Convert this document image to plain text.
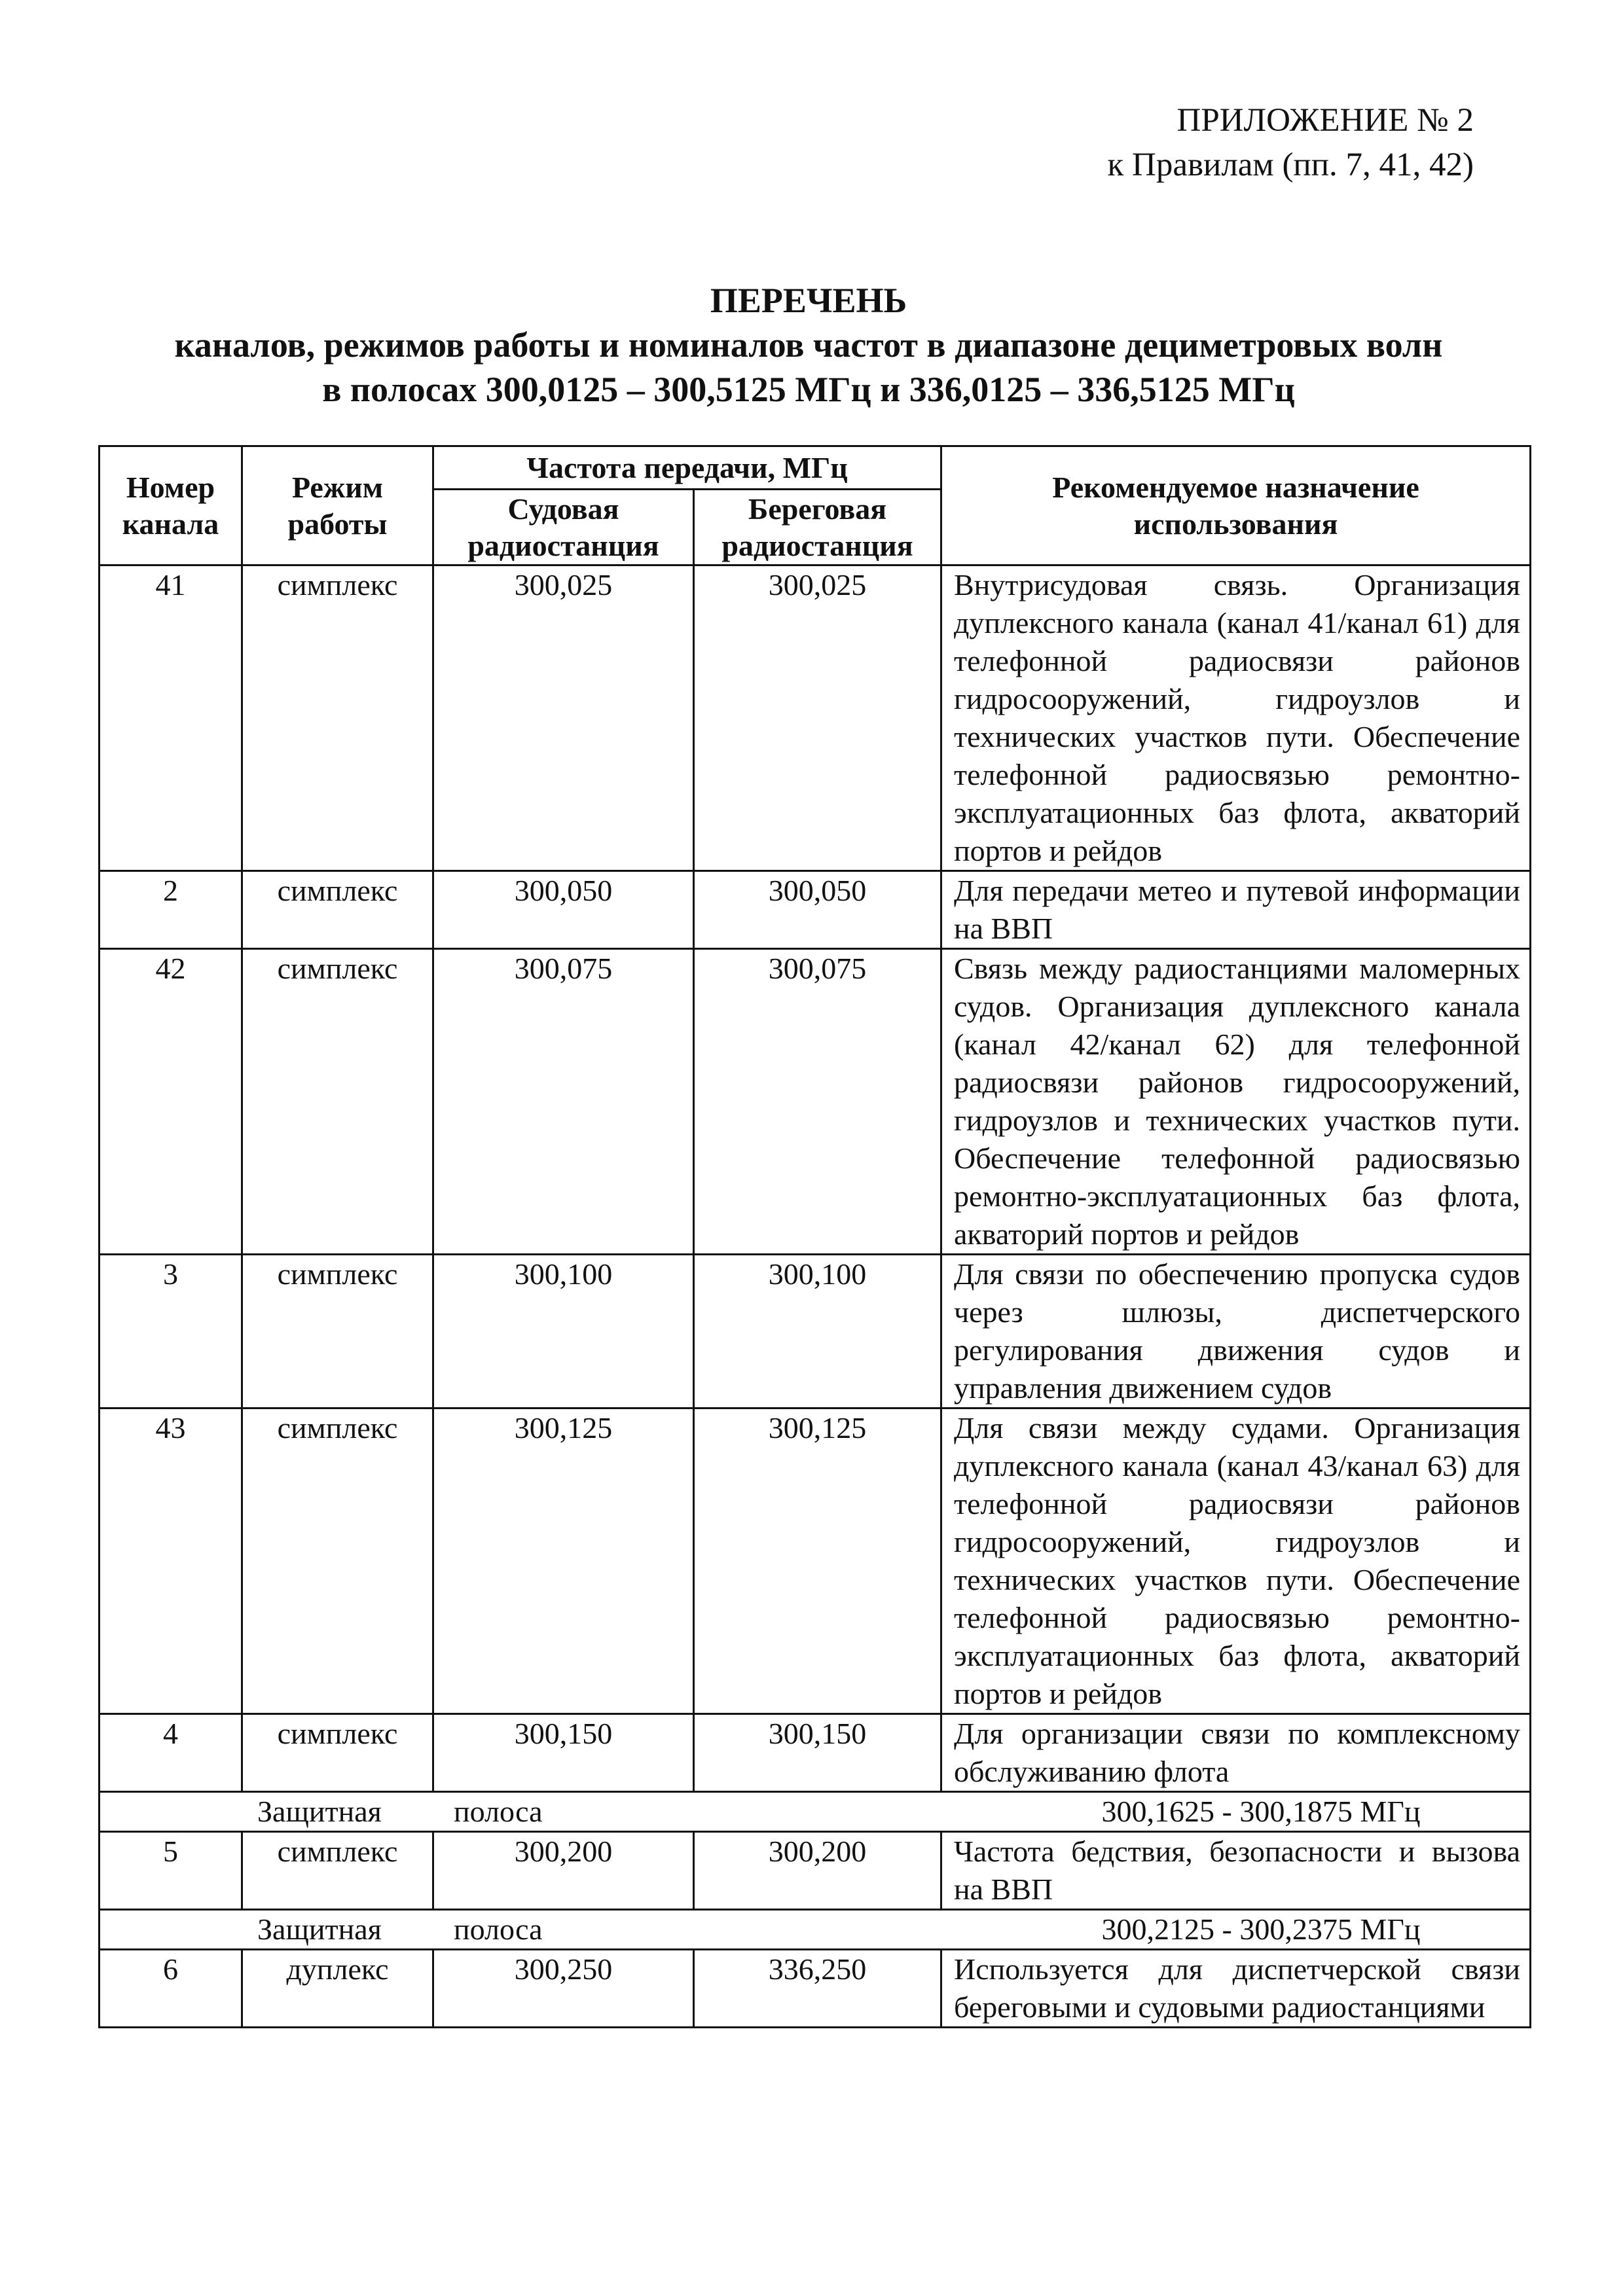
ПРИЛОЖЕНИЕ № 2
к Правилам (пп. 7, 41, 42)
ПЕРЕЧЕНЬ
каналов, режимов работы и номиналов частот в диапазоне дециметровых волн
в полосах 300,0125 – 300,5125 МГц и 336,0125 – 336,5125 МГц
Номер канала	Режим работы	Частота передачи, МГц		Рекомендуемое назначение использования
		Судовая радиостанция	Береговая радиостанция	
41	симплекс	300,025	300,025	Внутрисудовая связь. Организация дуплексного канала (канал 41/канал 61) для телефонной радиосвязи районов гидросооружений, гидроузлов и технических участков пути. Обеспечение телефонной радиосвязью ремонтно-эксплуатационных баз флота, акваторий портов и рейдов
2	симплекс	300,050	300,050	Для передачи метео и путевой информации на ВВП
42	симплекс	300,075	300,075	Связь между радиостанциями маломерных судов. Организация дуплексного канала (канал 42/канал 62) для телефонной радиосвязи районов гидросооружений, гидроузлов и технических участков пути. Обеспечение телефонной радиосвязью ремонтно-эксплуатационных баз флота, акваторий портов и рейдов
3	симплекс	300,100	300,100	Для связи по обеспечению пропуска судов через шлюзы, диспетчерского регулирования движения судов и управления движением судов
43	симплекс	300,125	300,125	Для связи между судами. Организация дуплексного канала (канал 43/канал 63) для телефонной радиосвязи районов гидросооружений, гидроузлов и технических участков пути. Обеспечение телефонной радиосвязью ремонтно-эксплуатационных баз флота, акваторий портов и рейдов
4	симплекс	300,150	300,150	Для организации связи по комплексному обслуживанию флота

Защитная полоса 300,1625 - 300,1875 МГц				

5	симплекс	300,200	300,200	Частота бедствия, безопасности и вызова на ВВП

Защитная полоса 300,2125 - 300,2375 МГц				

6	дуплекс	300,250	336,250	Используется для диспетчерской связи береговыми и судовыми радиостанциями
